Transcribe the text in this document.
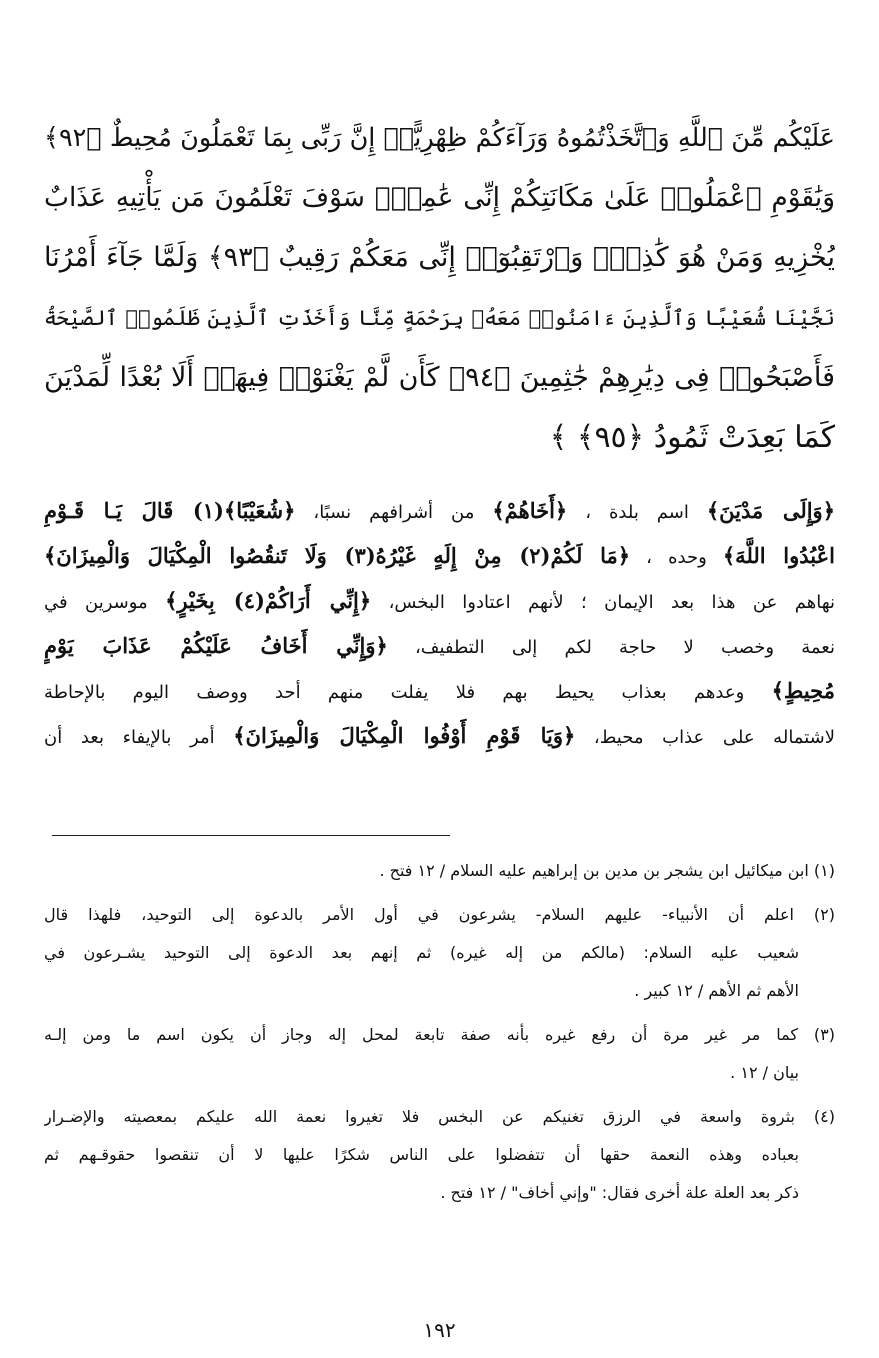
عَلَيْكُم مِّنَ ٱللَّهِ وَٱتَّخَذْتُمُوهُ وَرَآءَكُمْ ظِهْرِيًّاۖ إِنَّ رَبِّى بِمَا تَعْمَلُونَ مُحِيطٌ ﴿٩٢﴾
وَيَٰقَوْمِ ٱعْمَلُوا۟ عَلَىٰ مَكَانَتِكُمْ إِنِّى عَٰمِلٌۖ سَوْفَ تَعْلَمُونَ مَن يَأْتِيهِ عَذَابٌ
يُخْزِيهِ وَمَنْ هُوَ كَٰذِبٌۖ وَٱرْتَقِبُوٓا۟ إِنِّى مَعَكُمْ رَقِيبٌ ﴿٩٣﴾ وَلَمَّا جَآءَ أَمْرُنَا
نَجَّيْنَا شُعَيْبًا وَٱلَّذِينَ ءَامَنُوا۟ مَعَهُۥ بِرَحْمَةٍ مِّنَّا وَأَخَذَتِ ٱلَّذِينَ ظَلَمُوا۟ ٱلصَّيْحَةُ
فَأَصْبَحُوا۟ فِى دِيَٰرِهِمْ جَٰثِمِينَ ﴿٩٤﴾ كَأَن لَّمْ يَغْنَوْا۟ فِيهَآۗ أَلَا بُعْدًا لِّمَدْيَنَ
كَمَا بَعِدَتْ ثَمُودُ ﴿٩٥﴾ ﴾
﴿وَإِلَى مَدْيَنَ﴾ اسم بلدة ، ﴿أَخَاهُمْ﴾ من أشرافهم نسبًا، ﴿شُعَيْبًا﴾(١) قَالَ يَـا قَـوْمِ
اعْبُدُوا اللَّهَ﴾ وحده ، ﴿مَا لَكُمْ(٢) مِنْ إِلَهٍ غَيْرُهُ(٣) وَلَا تَنقُصُوا الْمِكْيَالَ وَالْمِيزَانَ﴾
نهاهم عن هذا بعد الإيمان ؛ لأنهم اعتادوا البخس، ﴿إِنِّي أَرَاكُمْ(٤) بِخَيْرٍ﴾ موسرين في
نعمة وخصب لا حاجة لكم إلى التطفيف، ﴿وَإِنِّي أَخَافُ عَلَيْكُمْ عَذَابَ يَوْمٍ
مُحِيطٍ﴾ وعدهم بعذاب يحيط بهم فلا يفلت منهم أحد ووصف اليوم بالإحاطة
لاشتماله على عذاب محيط، ﴿وَيَا قَوْمِ أَوْفُوا الْمِكْيَالَ وَالْمِيزَانَ﴾ أمر بالإيفاء بعد أن
(١) ابن ميكائيل ابن يشجر بن مدين بن إبراهيم عليه السلام / ١٢ فتح .
(٢) اعلم أن الأنبياء- عليهم السلام- يشرعون في أول الأمر بالدعوة إلى التوحيد، فلهذا قال
شعيب عليه السلام: (مالكم من إله غيره) ثم إنهم بعد الدعوة إلى التوحيد يشـرعون في
الأهم ثم الأهم / ١٢ كبير .
(٣) كما مر غير مرة أن رفع غيره بأنه صفة تابعة لمحل إله وجاز أن يكون اسم ما ومن إلـه
بيان / ١٢ .
(٤) بثروة واسعة في الرزق تغنيكم عن البخس فلا تغيروا نعمة الله عليكم بمعصيته والإضـرار
بعباده وهذه النعمة حقها أن تتفضلوا على الناس شكرًا عليها لا أن تنقصوا حقوقـهم ثم
ذكر بعد العلة علة أخرى فقال: "وإني أخاف" / ١٢ فتح .
١٩٢
